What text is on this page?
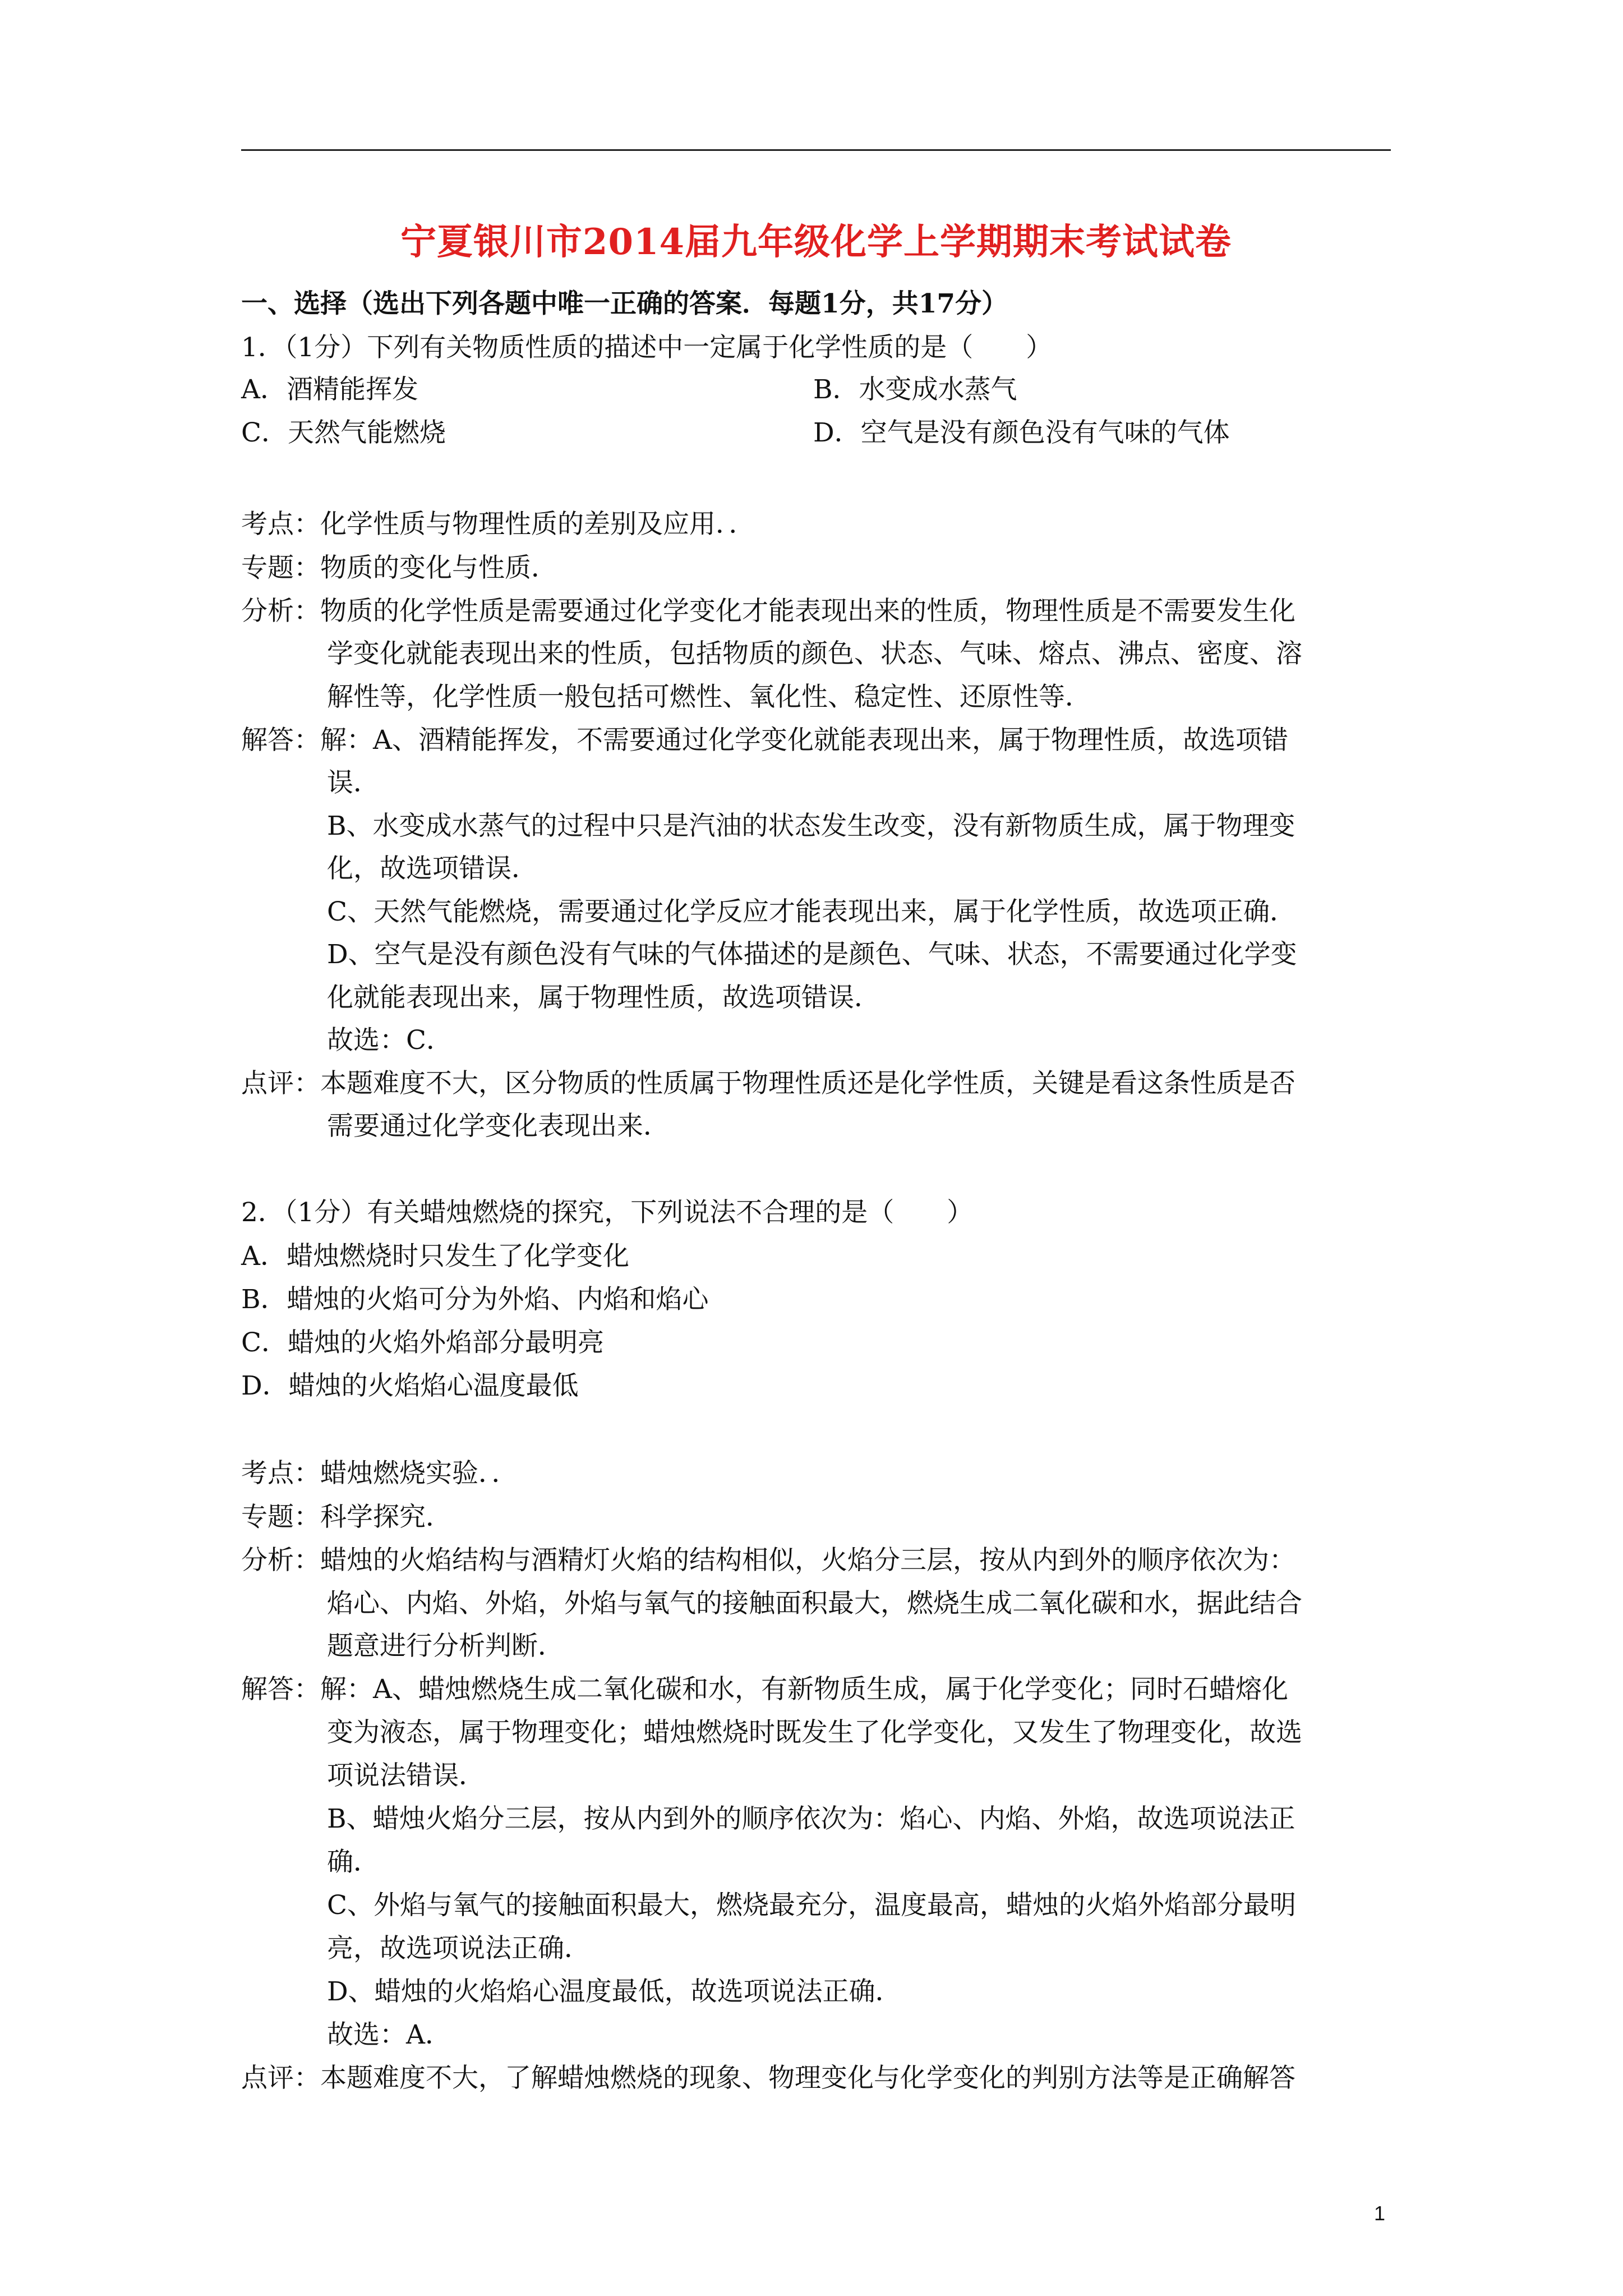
宁夏银川市2014届九年级化学上学期期末考试试卷
一、选择（选出下列各题中唯一正确的答案．每题1分，共17分）
1．（1分）下列有关物质性质的描述中一定属于化学性质的是（　　）
A．酒精能挥发	B．水变成水蒸气
C．天然气能燃烧	D．空气是没有颜色没有气味的气体
考点：化学性质与物理性质的差别及应用．．
专题：物质的变化与性质．
分析：物质的化学性质是需要通过化学变化才能表现出来的性质，物理性质是不需要发生化
学变化就能表现出来的性质，包括物质的颜色、状态、气味、熔点、沸点、密度、溶
解性等，化学性质一般包括可燃性、氧化性、稳定性、还原性等．
解答：解：A、酒精能挥发，不需要通过化学变化就能表现出来，属于物理性质，故选项错
误．
B、水变成水蒸气的过程中只是汽油的状态发生改变，没有新物质生成，属于物理变
化，故选项错误．
C、天然气能燃烧，需要通过化学反应才能表现出来，属于化学性质，故选项正确．
D、空气是没有颜色没有气味的气体描述的是颜色、气味、状态，不需要通过化学变
化就能表现出来，属于物理性质，故选项错误．
故选：C．
点评：本题难度不大，区分物质的性质属于物理性质还是化学性质，关键是看这条性质是否
需要通过化学变化表现出来．
2．（1分）有关蜡烛燃烧的探究，下列说法不合理的是（　　）
A．蜡烛燃烧时只发生了化学变化
B．蜡烛的火焰可分为外焰、内焰和焰心
C．蜡烛的火焰外焰部分最明亮
D．蜡烛的火焰焰心温度最低
考点：蜡烛燃烧实验．．
专题：科学探究．
分析：蜡烛的火焰结构与酒精灯火焰的结构相似，火焰分三层，按从内到外的顺序依次为：
焰心、内焰、外焰，外焰与氧气的接触面积最大，燃烧生成二氧化碳和水，据此结合
题意进行分析判断．
解答：解：A、蜡烛燃烧生成二氧化碳和水，有新物质生成，属于化学变化；同时石蜡熔化
变为液态，属于物理变化；蜡烛燃烧时既发生了化学变化，又发生了物理变化，故选
项说法错误．
B、蜡烛火焰分三层，按从内到外的顺序依次为：焰心、内焰、外焰，故选项说法正
确．
C、外焰与氧气的接触面积最大，燃烧最充分，温度最高，蜡烛的火焰外焰部分最明
亮，故选项说法正确．
D、蜡烛的火焰焰心温度最低，故选项说法正确．
故选：A．
点评：本题难度不大，了解蜡烛燃烧的现象、物理变化与化学变化的判别方法等是正确解答
1
